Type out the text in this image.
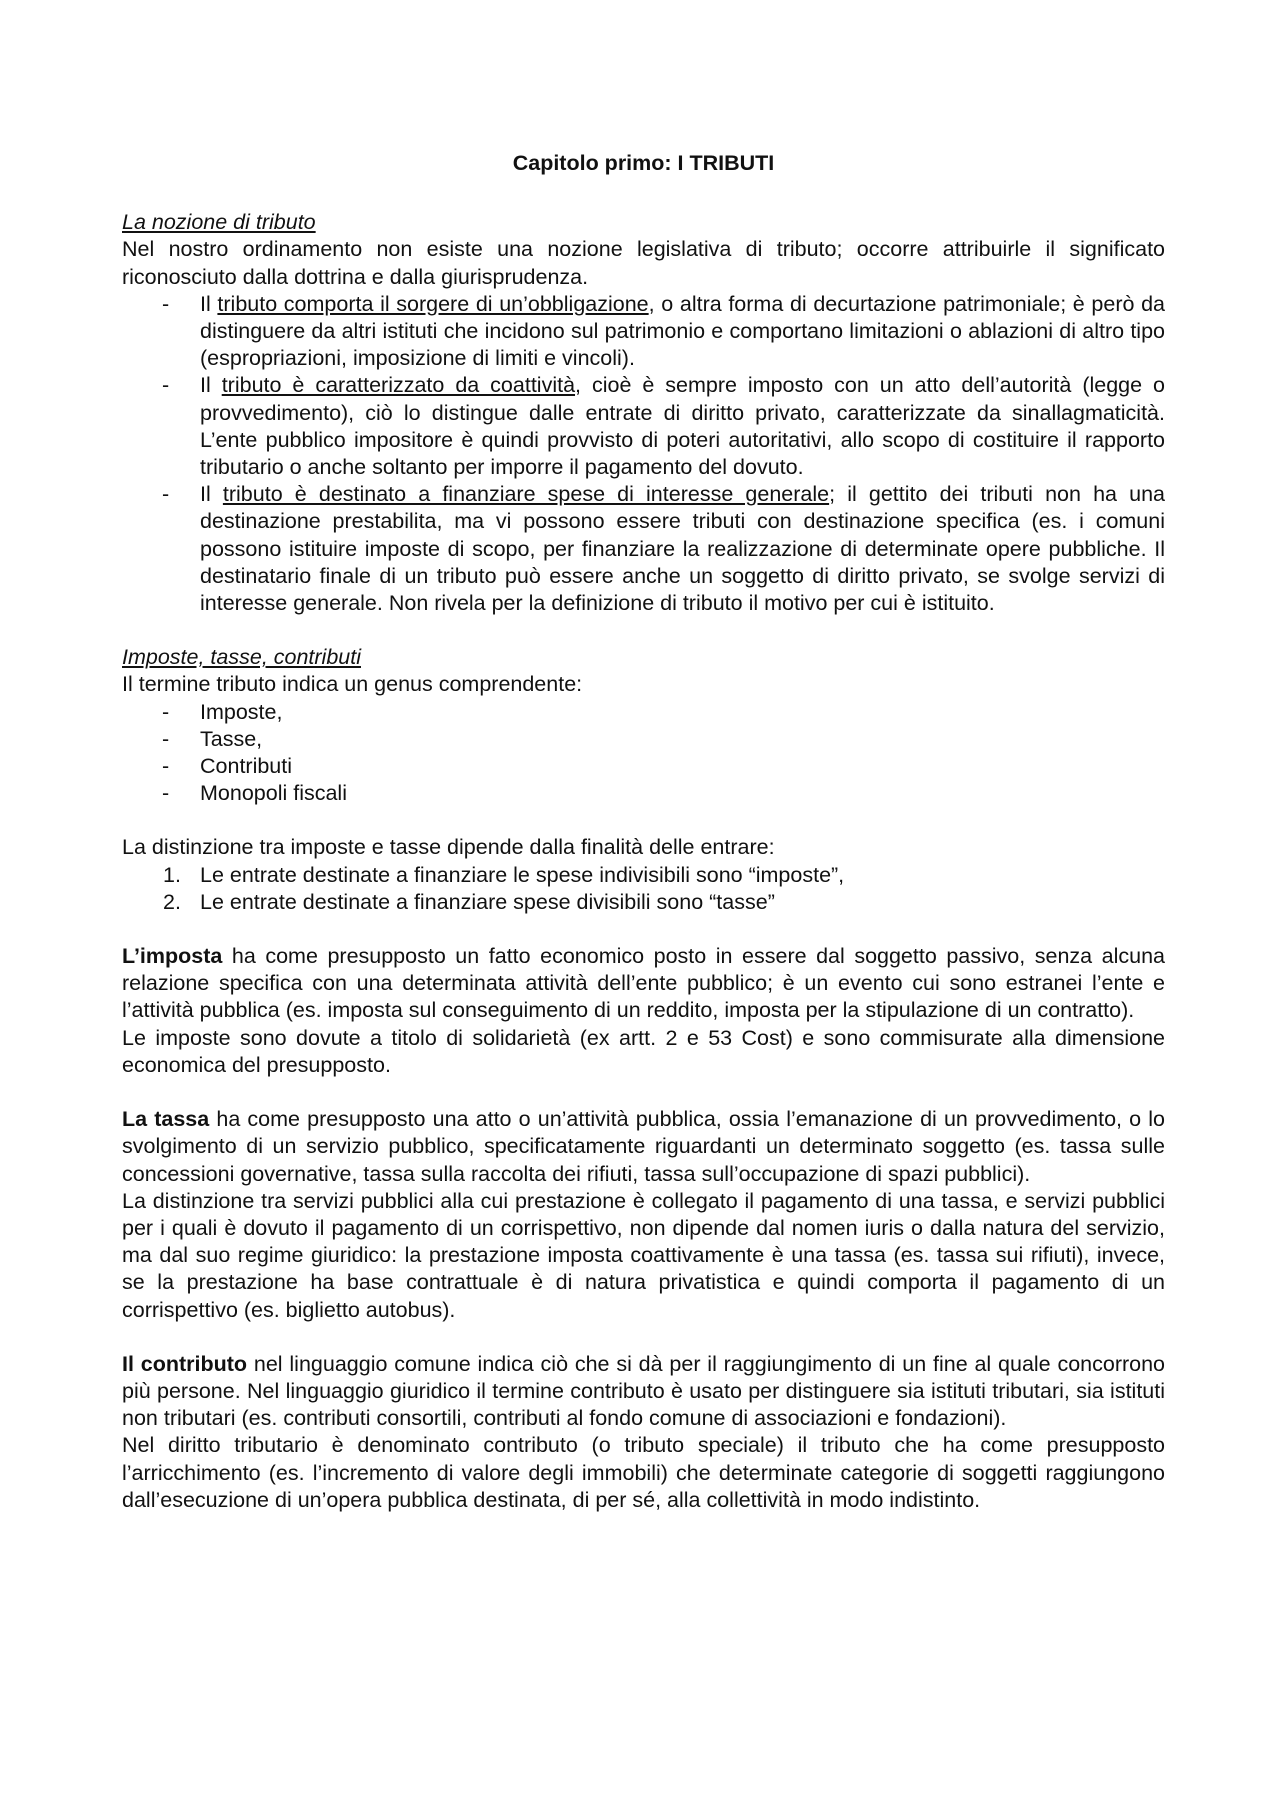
Capitolo primo: I TRIBUTI

La nozione di tributo

Nel nostro ordinamento non esiste una nozione legislativa di tributo; occorre attribuirle il significato riconosciuto dalla dottrina e dalla giurisprudenza.

- Il tributo comporta il sorgere di un’obbligazione, o altra forma di decurtazione patrimoniale; è però da distinguere da altri istituti che incidono sul patrimonio e comportano limitazioni o ablazioni di altro tipo (espropriazioni, imposizione di limiti e vincoli).
- Il tributo è caratterizzato da coattività, cioè è sempre imposto con un atto dell’autorità (legge o provvedimento), ciò lo distingue dalle entrate di diritto privato, caratterizzate da sinallagmaticità. L’ente pubblico impositore è quindi provvisto di poteri autoritativi, allo scopo di costituire il rapporto tributario o anche soltanto per imporre il pagamento del dovuto.
- Il tributo è destinato a finanziare spese di interesse generale; il gettito dei tributi non ha una destinazione prestabilita, ma vi possono essere tributi con destinazione specifica (es. i comuni possono istituire imposte di scopo, per finanziare la realizzazione di determinate opere pubbliche. Il destinatario finale di un tributo può essere anche un soggetto di diritto privato, se svolge servizi di interesse generale. Non rivela per la definizione di tributo il motivo per cui è istituito.

Imposte, tasse, contributi

Il termine tributo indica un genus comprendente:

- Imposte,
- Tasse,
- Contributi
- Monopoli fiscali

La distinzione tra imposte e tasse dipende dalla finalità delle entrare:

1. Le entrate destinate a finanziare le spese indivisibili sono “imposte”,
2. Le entrate destinate a finanziare spese divisibili sono “tasse”

L’imposta ha come presupposto un fatto economico posto in essere dal soggetto passivo, senza alcuna relazione specifica con una determinata attività dell’ente pubblico; è un evento cui sono estranei l’ente e l’attività pubblica (es. imposta sul conseguimento di un reddito, imposta per la stipulazione di un contratto).

Le imposte sono dovute a titolo di solidarietà (ex artt. 2 e 53 Cost) e sono commisurate alla dimensione economica del presupposto.

La tassa ha come presupposto una atto o un’attività pubblica, ossia l’emanazione di un provvedimento, o lo svolgimento di un servizio pubblico, specificatamente riguardanti un determinato soggetto (es. tassa sulle concessioni governative, tassa sulla raccolta dei rifiuti, tassa sull’occupazione di spazi pubblici).

La distinzione tra servizi pubblici alla cui prestazione è collegato il pagamento di una tassa, e servizi pubblici per i quali è dovuto il pagamento di un corrispettivo, non dipende dal nomen iuris o dalla natura del servizio, ma dal suo regime giuridico: la prestazione imposta coattivamente è una tassa (es. tassa sui rifiuti), invece, se la prestazione ha base contrattuale è di natura privatistica e quindi comporta il pagamento di un corrispettivo (es. biglietto autobus).

Il contributo nel linguaggio comune indica ciò che si dà per il raggiungimento di un fine al quale concorrono più persone. Nel linguaggio giuridico il termine contributo è usato per distinguere sia istituti tributari, sia istituti non tributari (es. contributi consortili, contributi al fondo comune di associazioni e fondazioni).

Nel diritto tributario è denominato contributo (o tributo speciale) il tributo che ha come presupposto l’arricchimento (es. l’incremento di valore degli immobili) che determinate categorie di soggetti raggiungono dall’esecuzione di un’opera pubblica destinata, di per sé, alla collettività in modo indistinto.
